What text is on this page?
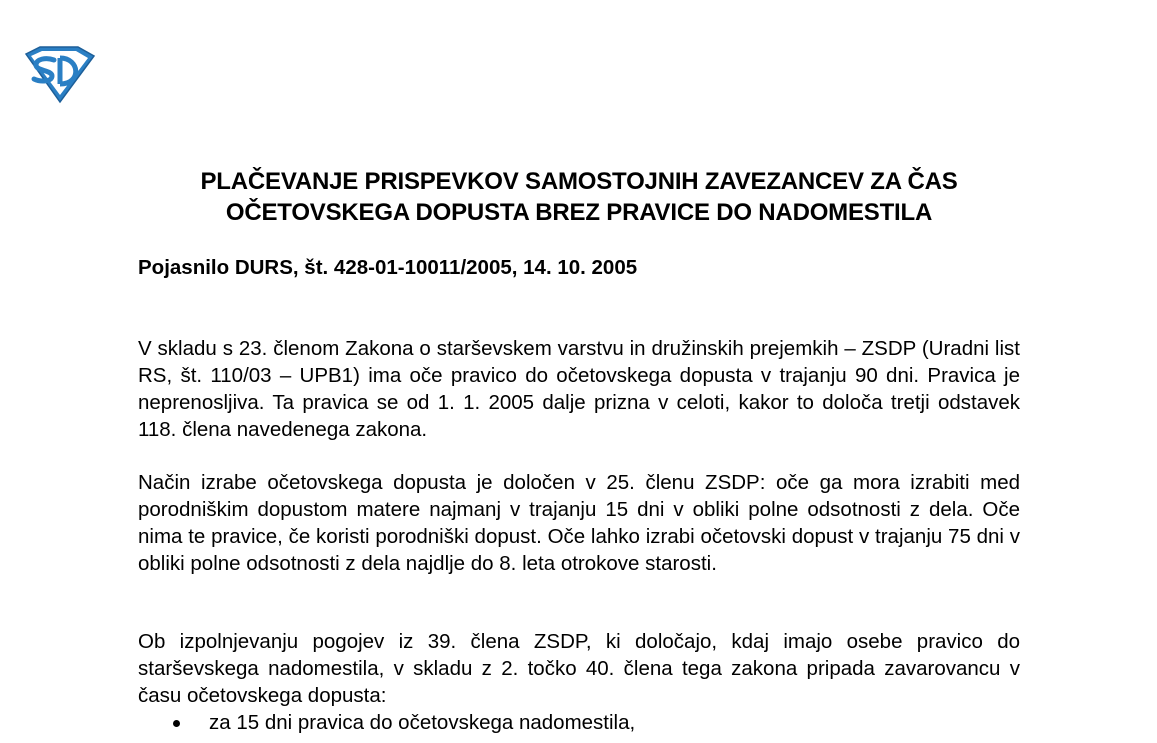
PLAČEVANJE PRISPEVKOV SAMOSTOJNIH ZAVEZANCEV ZA ČAS
OČETOVSKEGA DOPUSTA BREZ PRAVICE DO NADOMESTILA

Pojasnilo DURS, št. 428-01-10011/2005, 14. 10. 2005

V skladu s 23. členom Zakona o starševskem varstvu in družinskih prejemkih – ZSDP (Uradni list RS, št. 110/03 – UPB1) ima oče pravico do očetovskega dopusta v trajanju 90 dni. Pravica je neprenosljiva. Ta pravica se od 1. 1. 2005 dalje prizna v celoti, kakor to določa tretji odstavek 118. člena navedenega zakona.

Način izrabe očetovskega dopusta je določen v 25. členu ZSDP: oče ga mora izrabiti med porodniškim dopustom matere najmanj v trajanju 15 dni v obliki polne odsotnosti z dela. Oče nima te pravice, če koristi porodniški dopust. Oče lahko izrabi očetovski dopust v trajanju 75 dni v obliki polne odsotnosti z dela najdlje do 8. leta otrokove starosti.

Ob izpolnjevanju pogojev iz 39. člena ZSDP, ki določajo, kdaj imajo osebe pravico do starševskega nadomestila, v skladu z 2. točko 40. člena tega zakona pripada zavarovancu v času očetovskega dopusta:

za 15 dni pravica do očetovskega nadomestila,
